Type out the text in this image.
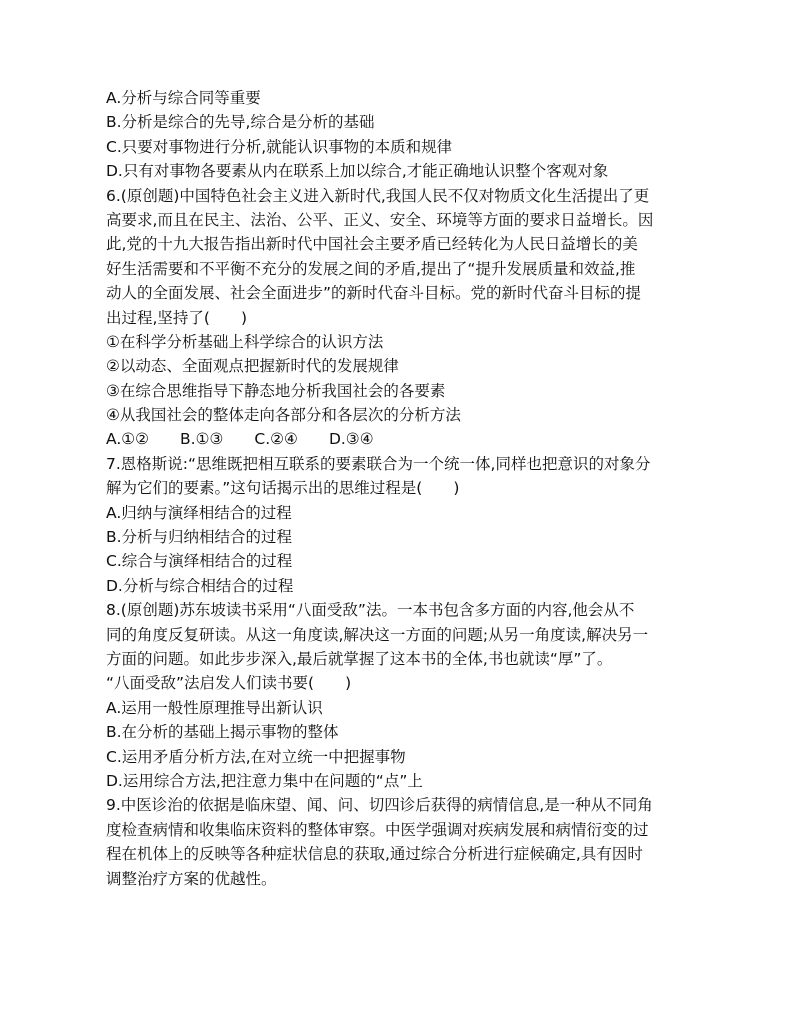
A.分析与综合同等重要
B.分析是综合的先导,综合是分析的基础
C.只要对事物进行分析,就能认识事物的本质和规律
D.只有对事物各要素从内在联系上加以综合,才能正确地认识整个客观对象
6.(原创题)中国特色社会主义进入新时代,我国人民不仅对物质文化生活提出了更
高要求,而且在民主、法治、公平、正义、安全、环境等方面的要求日益增长。因
此,党的十九大报告指出新时代中国社会主要矛盾已经转化为人民日益增长的美
好生活需要和不平衡不充分的发展之间的矛盾,提出了“提升发展质量和效益,推
动人的全面发展、社会全面进步”的新时代奋斗目标。党的新时代奋斗目标的提
出过程,坚持了(　　)
①在科学分析基础上科学综合的认识方法
②以动态、全面观点把握新时代的发展规律
③在综合思维指导下静态地分析我国社会的各要素
④从我国社会的整体走向各部分和各层次的分析方法
A.①②　　B.①③　　C.②④　　D.③④
7.恩格斯说:“思维既把相互联系的要素联合为一个统一体,同样也把意识的对象分
解为它们的要素。”这句话揭示出的思维过程是(　　)
A.归纳与演绎相结合的过程
B.分析与归纳相结合的过程
C.综合与演绎相结合的过程
D.分析与综合相结合的过程
8.(原创题)苏东坡读书采用“八面受敌”法。一本书包含多方面的内容,他会从不
同的角度反复研读。从这一角度读,解决这一方面的问题;从另一角度读,解决另一
方面的问题。如此步步深入,最后就掌握了这本书的全体,书也就读“厚”了。
“八面受敌”法启发人们读书要(　　)
A.运用一般性原理推导出新认识
B.在分析的基础上揭示事物的整体
C.运用矛盾分析方法,在对立统一中把握事物
D.运用综合方法,把注意力集中在问题的“点”上
9.中医诊治的依据是临床望、闻、问、切四诊后获得的病情信息,是一种从不同角
度检查病情和收集临床资料的整体审察。中医学强调对疾病发展和病情衍变的过
程在机体上的反映等各种症状信息的获取,通过综合分析进行症候确定,具有因时
调整治疗方案的优越性。
